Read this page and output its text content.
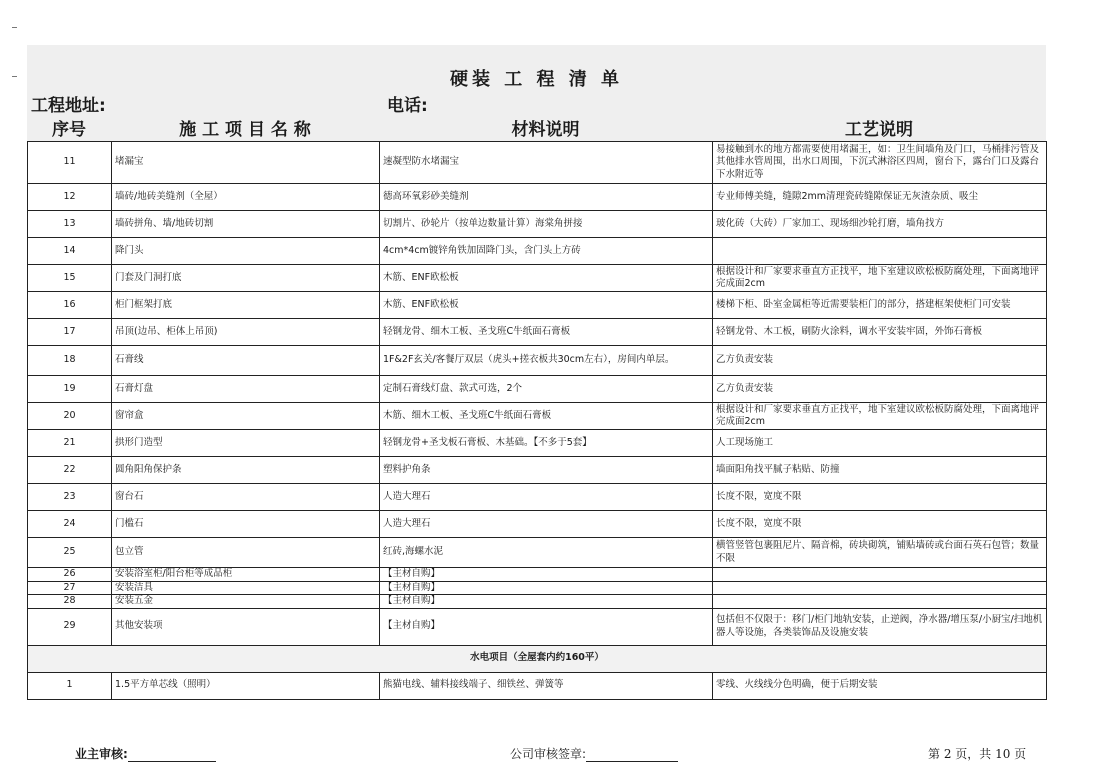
硬装 工 程 清 单
工程地址:	电话:
序号	施 工 项 目 名 称	材料说明	工艺说明
11	堵漏宝	速凝型防水堵漏宝	易接触到水的地方都需要使用堵漏王，如：卫生间墙角及门口，马桶排污管及其他排水管周围，出水口周围，下沉式淋浴区四周，窗台下，露台门口及露台下水附近等
12	墙砖/地砖美缝剂（全屋）	德高环氧彩砂美缝剂	专业师傅美缝，缝隙2mm清理瓷砖缝隙保证无灰渣杂质、吸尘
13	墙砖拼角、墙/地砖切割	切割片、砂轮片（按单边数量计算）海棠角拼接	玻化砖（大砖）厂家加工、现场细沙轮打磨，墙角找方
14	降门头	4cm*4cm镀锌角铁加固降门头，含门头上方砖	
15	门套及门洞打底	木筋、ENF欧松板	根据设计和厂家要求垂直方正找平，地下室建议欧松板防腐处理，下面离地评完成面2cm
16	柜门框架打底	木筋、ENF欧松板	楼梯下柜、卧室金属柜等近需要装柜门的部分，搭建框架使柜门可安装
17	吊顶(边吊、柜体上吊顶)	轻钢龙骨、细木工板、圣戈班C牛纸面石膏板	轻钢龙骨、木工板，刷防火涂料，调水平安装牢固，外饰石膏板
18	石膏线	1F&2F玄关/客餐厅双层（虎头+搓衣板共30cm左右），房间内单层。	乙方负责安装
19	石膏灯盘	定制石膏线灯盘、款式可选，2个	乙方负责安装
20	窗帘盒	木筋、细木工板、圣戈班C牛纸面石膏板	根据设计和厂家要求垂直方正找平，地下室建议欧松板防腐处理，下面离地评完成面2cm
21	拱形门造型	轻钢龙骨+圣戈板石膏板、木基础。【不多于5套】	人工现场施工
22	圆角阳角保护条	塑料护角条	墙面阳角找平腻子粘贴、防撞
23	窗台石	人造大理石	长度不限，宽度不限
24	门槛石	人造大理石	长度不限，宽度不限
25	包立管	红砖,海螺水泥	横管竖管包裹阻尼片、隔音棉，砖块砌筑，铺贴墙砖或台面石英石包管；数量不限
26	安装浴室柜/阳台柜等成品柜	【主材自购】	
27	安装洁具	【主材自购】	
28	安装五金	【主材自购】	
29	其他安装项	【主材自购】	包括但不仅限于：移门/柜门地轨安装，止逆阀，净水器/增压泵/小厨宝/扫地机器人等设施，各类装饰品及设施安装
水电项目（全屋套内约160平）			
1	1.5平方单芯线（照明）	熊猫电线、辅料接线端子、细铁丝、弹簧等	零线、火线线分色明确，便于后期安装
业主审核:	公司审核签章:	第 2 页，共 10 页
